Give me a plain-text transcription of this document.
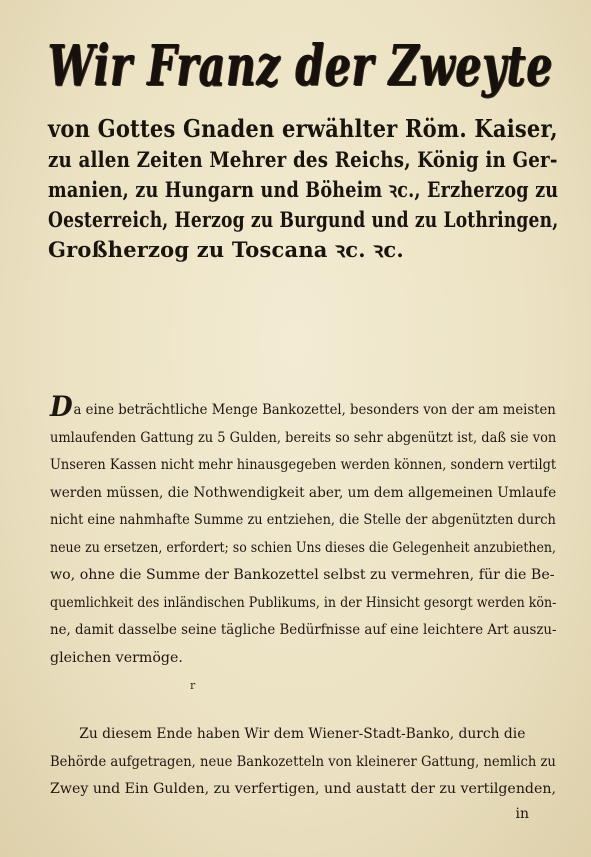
Wir Franz der Zweyte
von Gottes Gnaden erwählter Röm. Kaiser,
zu allen Zeiten Mehrer des Reichs, König in Ger-
manien, zu Hungarn und Böheim ꝛc., Erzherzog zu
Oesterreich, Herzog zu Burgund und zu Lothringen,
Großherzog zu Toscana ꝛc. ꝛc.
Da eine beträchtliche Menge Bankozettel, besonders von der am meisten
umlaufenden Gattung zu 5 Gulden, bereits so sehr abgenützt ist, daß sie von
Unseren Kassen nicht mehr hinausgegeben werden können, sondern vertilgt
werden müssen, die Nothwendigkeit aber, um dem allgemeinen Umlaufe
nicht eine nahmhafte Summe zu entziehen, die Stelle der abgenützten durch
neue zu ersetzen, erfordert; so schien Uns dieses die Gelegenheit anzubiethen,
wo, ohne die Summe der Bankozettel selbst zu vermehren, für die Be-
quemlichkeit des inländischen Publikums, in der Hinsicht gesorgt werden kön-
ne, damit dasselbe seine tägliche Bedürfnisse auf eine leichtere Art auszu-
gleichen vermöge.
r
Zu diesem Ende haben Wir dem Wiener-Stadt-Banko, durch die
Behörde aufgetragen, neue Bankozetteln von kleinerer Gattung, nemlich zu
Zwey und Ein Gulden, zu verfertigen, und austatt der zu vertilgenden,
in
